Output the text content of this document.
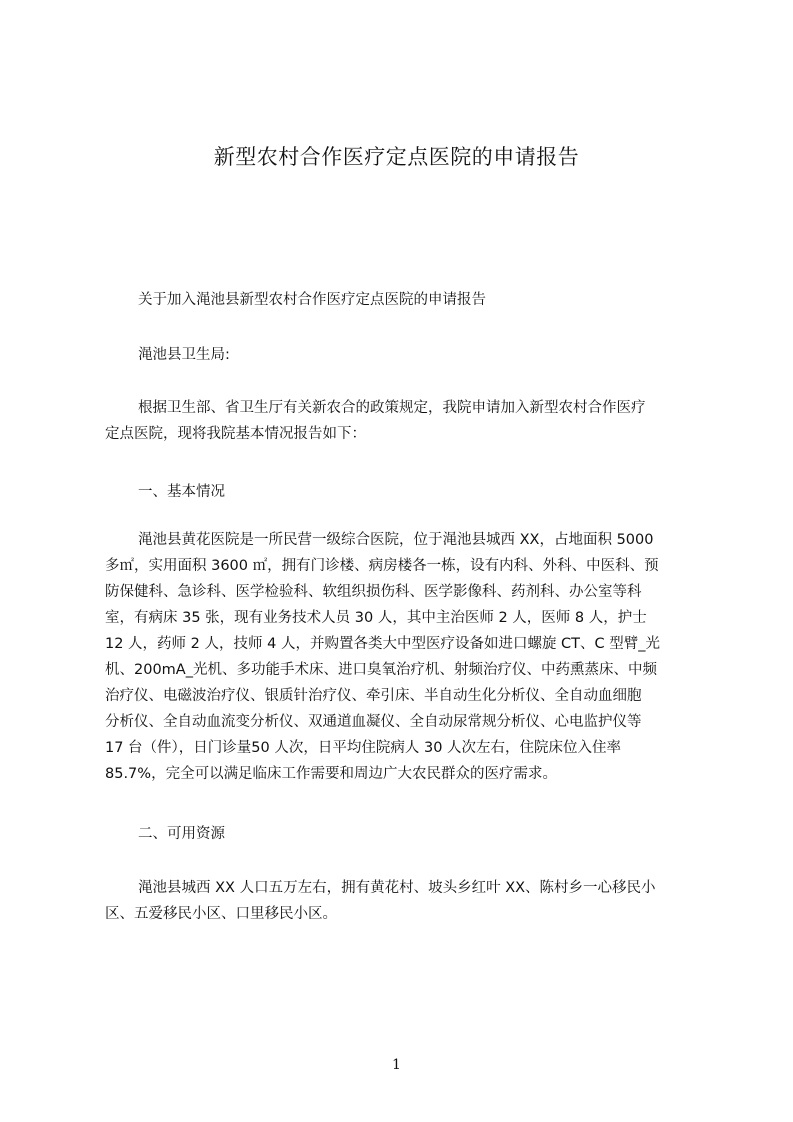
新型农村合作医疗定点医院的申请报告

关于加入渑池县新型农村合作医疗定点医院的申请报告

渑池县卫生局:

根据卫生部、省卫生厅有关新农合的政策规定，我院申请加入新型农村合作医疗
定点医院，现将我院基本情况报告如下：

一、基本情况

渑池县黄花医院是一所民营一级综合医院，位于渑池县城西 XX，占地面积 5000
多㎡，实用面积 3600 ㎡，拥有门诊楼、病房楼各一栋，设有内科、外科、中医科、预
防保健科、急诊科、医学检验科、软组织损伤科、医学影像科、药剂科、办公室等科
室，有病床 35 张，现有业务技术人员 30 人，其中主治医师 2 人，医师 8 人，护士
12 人，药师 2 人，技师 4 人，并购置各类大中型医疗设备如进口螺旋 CT、C 型臂_光
机、200mA_光机、多功能手术床、进口臭氧治疗机、射频治疗仪、中药熏蒸床、中频
治疗仪、电磁波治疗仪、银质针治疗仪、牵引床、半自动生化分析仪、全自动血细胞
分析仪、全自动血流变分析仪、双通道血凝仪、全自动尿常规分析仪、心电监护仪等
17 台（件），日门诊量50 人次，日平均住院病人 30 人次左右，住院床位入住率
85.7%，完全可以满足临床工作需要和周边广大农民群众的医疗需求。

二、可用资源

渑池县城西 XX 人口五万左右，拥有黄花村、坡头乡红叶 XX、陈村乡一心移民小
区、五爱移民小区、口里移民小区。
1
